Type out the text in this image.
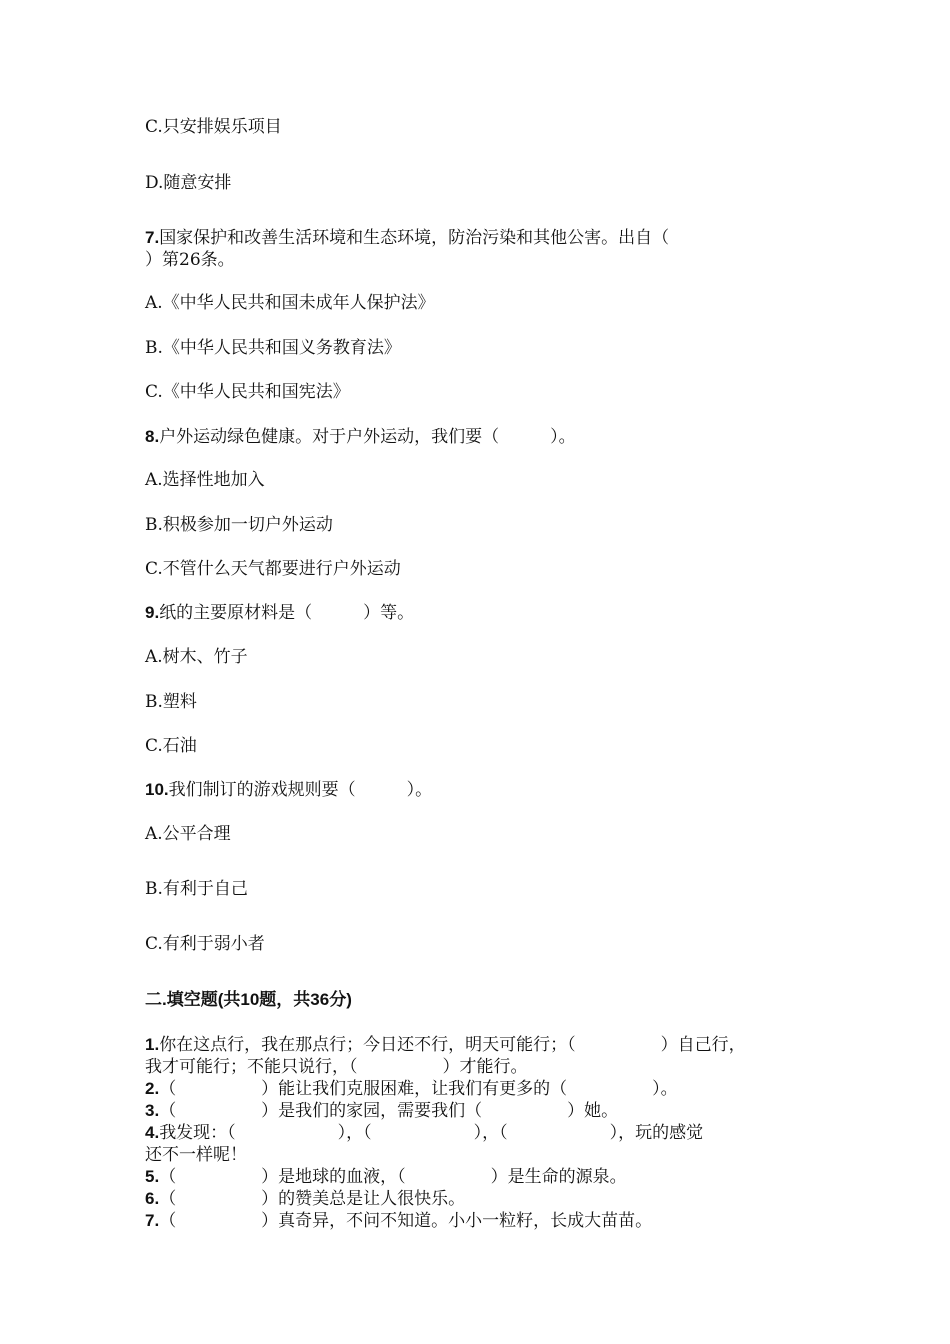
C.只安排娱乐项目
D.随意安排
7.国家保护和改善生活环境和生态环境，防治污染和其他公害。出自（
）第26条。
A.《中华人民共和国未成年人保护法》
B.《中华人民共和国义务教育法》
C.《中华人民共和国宪法》
8.户外运动绿色健康。对于户外运动，我们要（　　　）。
A.选择性地加入
B.积极参加一切户外运动
C.不管什么天气都要进行户外运动
9.纸的主要原材料是（　　　）等。
A.树木、竹子
B.塑料
C.石油
10.我们制订的游戏规则要（　　　）。
A.公平合理
B.有利于自己
C.有利于弱小者
二.填空题(共10题，共36分)
1.你在这点行，我在那点行；今日还不行，明天可能行；（　　　　　）自己行，
我才可能行；不能只说行，（　　　　　）才能行。
2.（　　　　　）能让我们克服困难，让我们有更多的（　　　　　）。
3.（　　　　　）是我们的家园，需要我们（　　　　　）她。
4.我发现：（　　　　　　），（　　　　　　），（　　　　　　），玩的感觉
还不一样呢！
5.（　　　　　）是地球的血液，（　　　　　）是生命的源泉。
6.（　　　　　）的赞美总是让人很快乐。
7.（　　　　　）真奇异，不问不知道。小小一粒籽，长成大苗苗。
